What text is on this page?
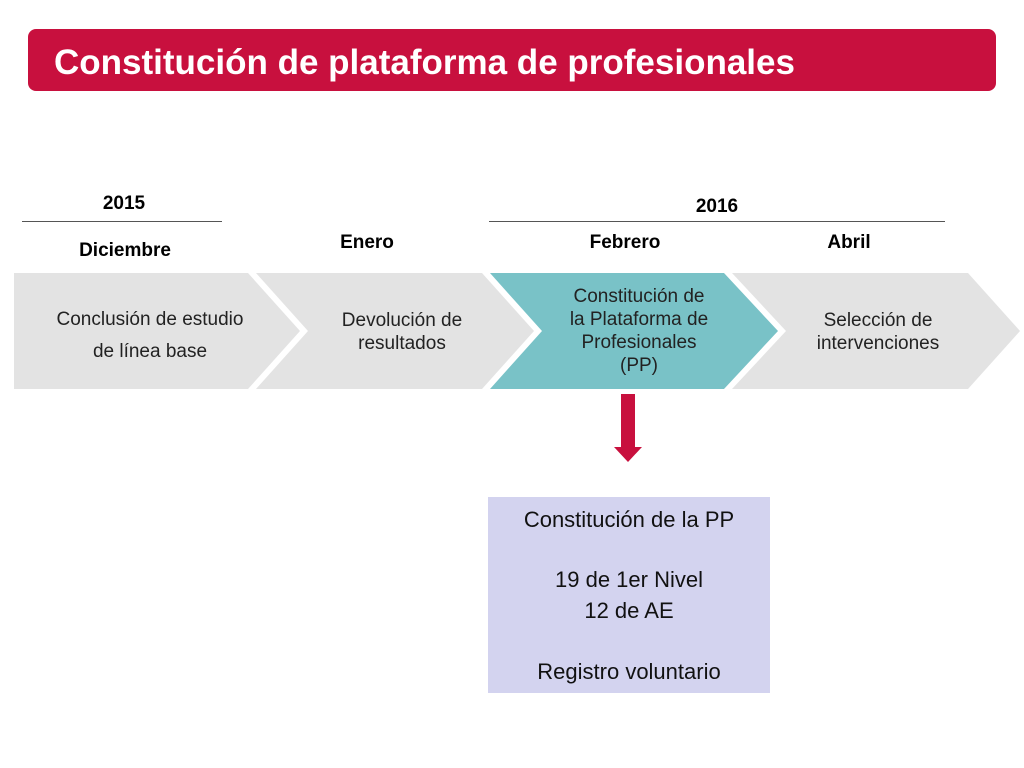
Constitución de plataforma de profesionales
2015
Diciembre	Enero
2016
Febrero	Abril
Conclusión de estudio
de línea base
Devolución de
resultados
Constitución de
la Plataforma de
Profesionales
(PP)
Selección de
intervenciones
Constitución de la PP
19 de 1er Nivel
12 de AE
Registro voluntario
